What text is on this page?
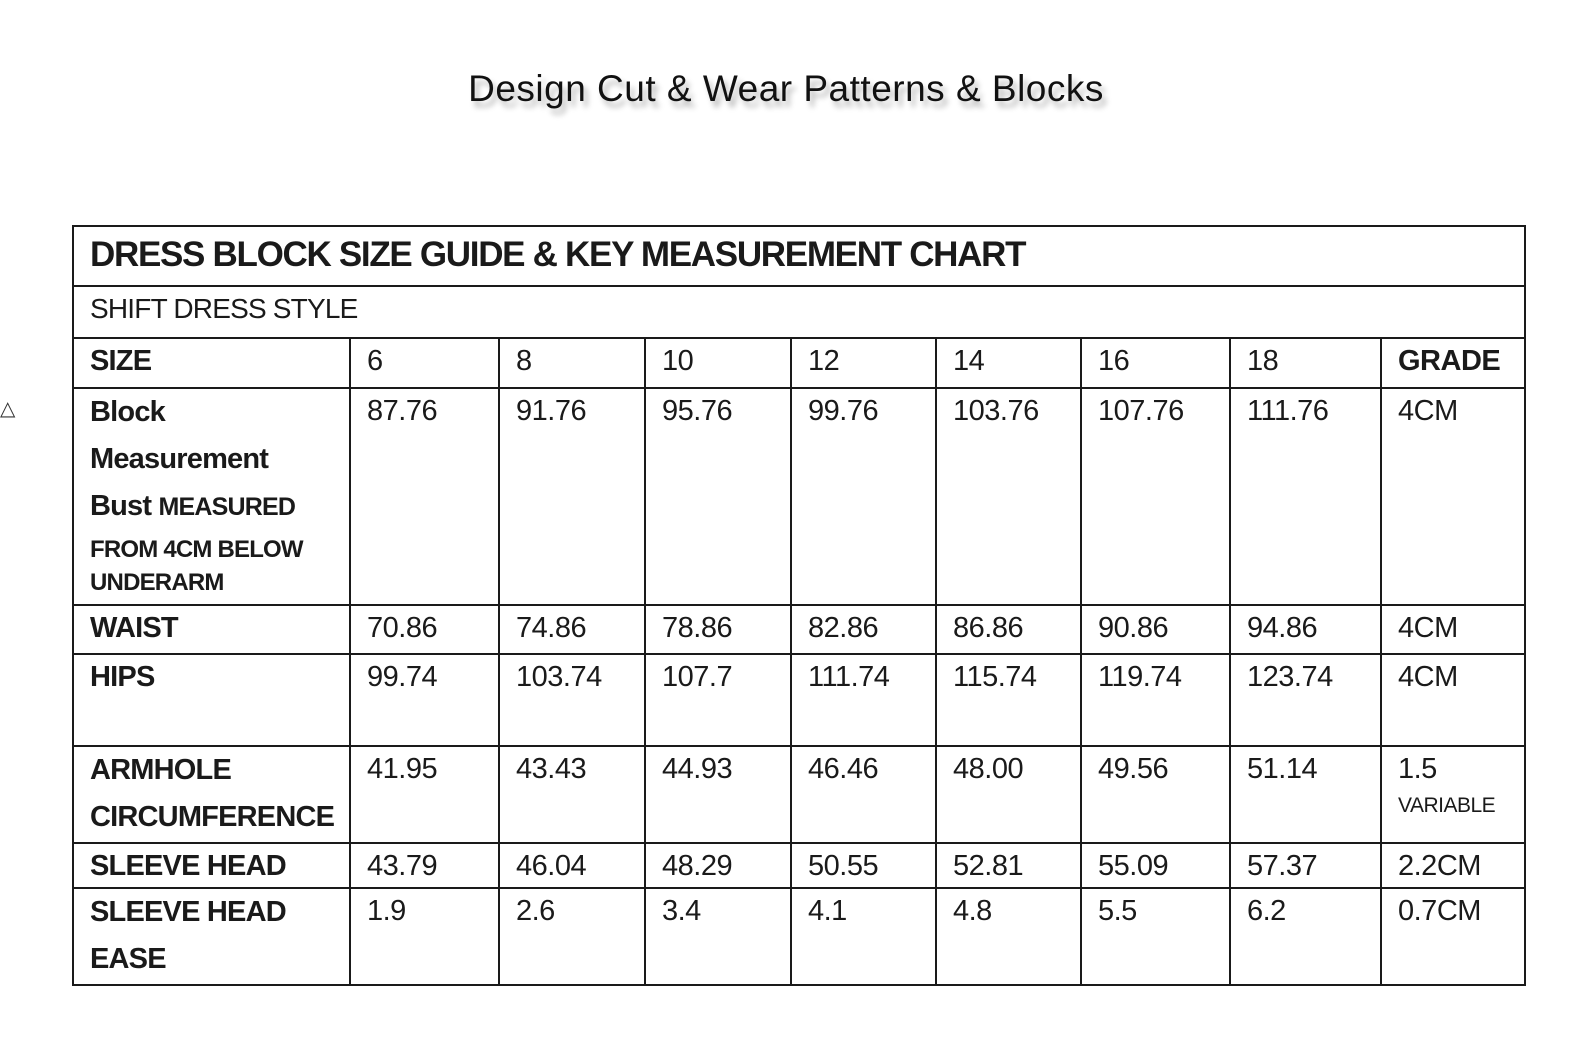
Design Cut & Wear Patterns & Blocks
△
DRESS BLOCK SIZE GUIDE & KEY MEASUREMENT CHART								
SHIFT DRESS STYLE								
SIZE	6	8	10	12	14	16	18	GRADE

Block
Measurement
Bust MEASURED
FROM 4CM BELOW
UNDERARM	87.76	91.76	95.76	99.76	103.76	107.76	111.76	4CM
WAIST	70.86	74.86	78.86	82.86	86.86	90.86	94.86	4CM
HIPS	99.74	103.74	107.7	111.74	115.74	119.74	123.74	4CM

ARMHOLE
CIRCUMFERENCE	41.95	43.43	44.93	46.46	48.00	49.56	51.14	1.5
VARIABLE

SLEEVE HEAD	43.79	46.04	48.29	50.55	52.81	55.09	57.37	2.2CM

SLEEVE HEAD
EASE	1.9	2.6	3.4	4.1	4.8	5.5	6.2	0.7CM
